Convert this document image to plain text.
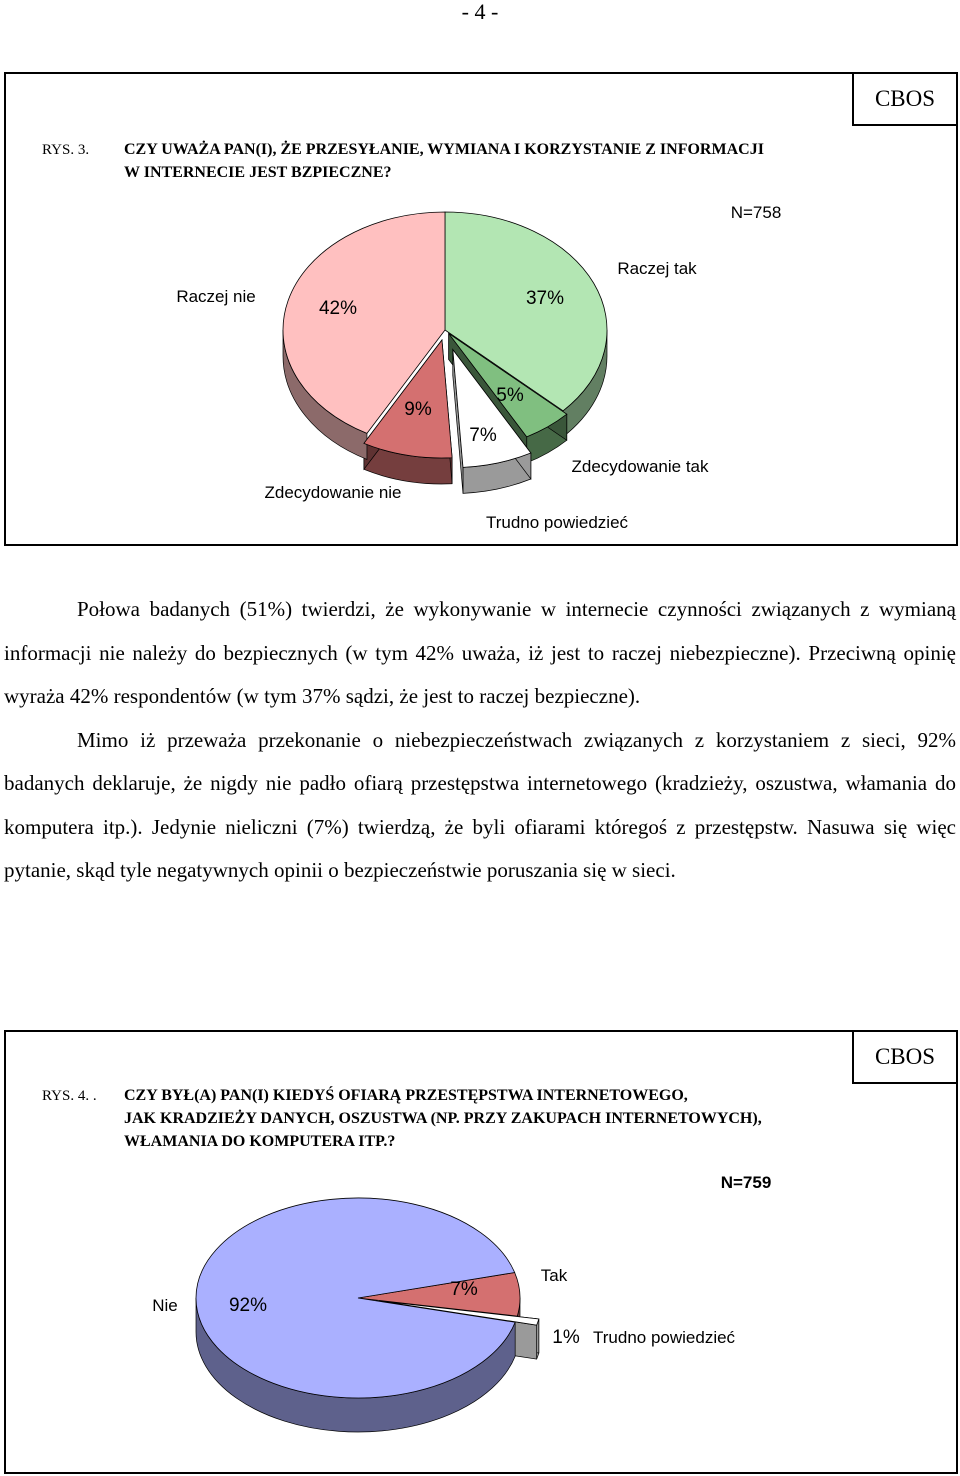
- 4 -
CBOS
RYS. 3. CZY UWAŻA PAN(I), ŻE PRZESYŁANIE, WYMIANA I KORZYSTANIE Z INFORMACJI
W INTERNECIE JEST BZPIECZNE?
N=758
37%
Raczej tak
5%
Zdecydowanie tak
7%
Trudno powiedzieć
9%
Zdecydowanie nie
42%
Raczej nie

Połowa badanych (51%) twierdzi, że wykonywanie w internecie czynności związanych z wymianą informacji nie należy do bezpiecznych (w tym 42% uważa, iż jest to raczej niebezpieczne). Przeciwną opinię wyraża 42% respondentów (w tym 37% sądzi, że jest to raczej bezpieczne).

Mimo iż przeważa przekonanie o niebezpieczeństwach związanych z korzystaniem z sieci, 92% badanych deklaruje, że nigdy nie padło ofiarą przestępstwa internetowego (kradzieży, oszustwa, włamania do komputera itp.). Jedynie nieliczni (7%) twierdzą, że byli ofiarami któregoś z przestępstw. Nasuwa się więc pytanie, skąd tyle negatywnych opinii o bezpieczeństwie poruszania się w sieci.

CBOS
RYS. 4. . CZY BYŁ(A) PAN(I) KIEDYŚ OFIARĄ PRZESTĘPSTWA INTERNETOWEGO,
JAK KRADZIEŻY DANYCH, OSZUSTWA (NP. PRZY ZAKUPACH INTERNETOWYCH),
WŁAMANIA DO KOMPUTERA ITP.?
N=759
7%
Tak
1% Trudno powiedzieć
92%
Nie
